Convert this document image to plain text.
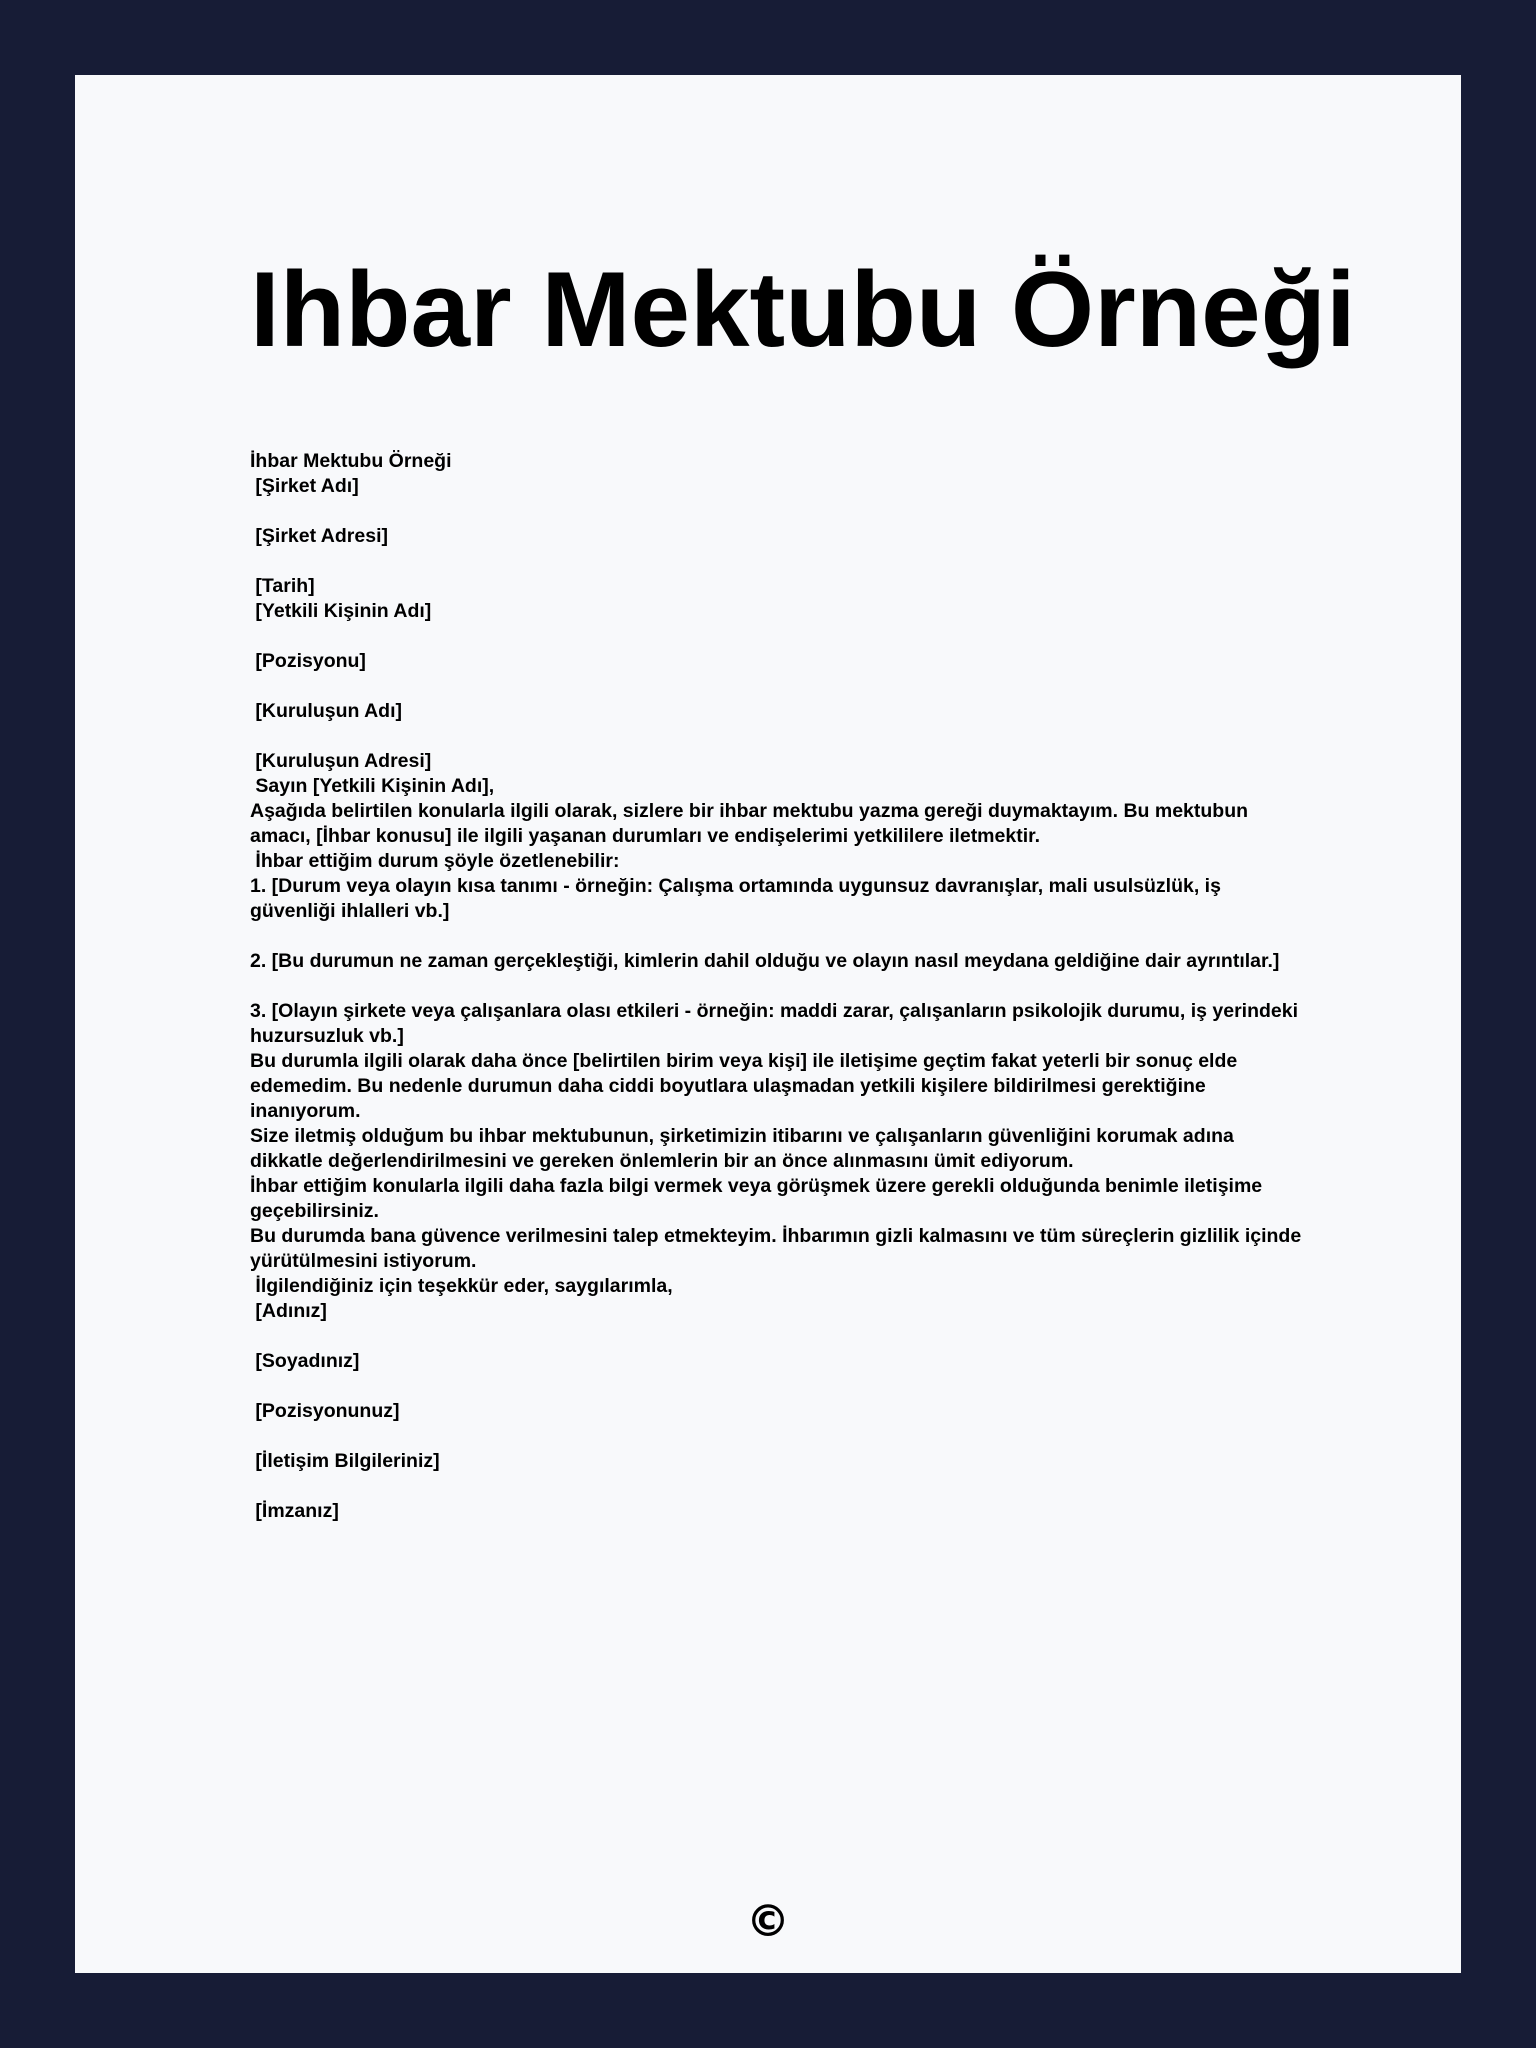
Ihbar Mektubu Örneği
İhbar Mektubu Örneği
[Şirket Adı]
[Şirket Adresi]
[Tarih]
[Yetkili Kişinin Adı]
[Pozisyonu]
[Kuruluşun Adı]
[Kuruluşun Adresi]
Sayın [Yetkili Kişinin Adı],
Aşağıda belirtilen konularla ilgili olarak, sizlere bir ihbar mektubu yazma gereği duymaktayım. Bu mektubun amacı, [İhbar konusu] ile ilgili yaşanan durumları ve endişelerimi yetkililere iletmektir.
İhbar ettiğim durum şöyle özetlenebilir:
1. [Durum veya olayın kısa tanımı - örneğin: Çalışma ortamında uygunsuz davranışlar, mali usulsüzlük, iş güvenliği ihlalleri vb.]
2. [Bu durumun ne zaman gerçekleştiği, kimlerin dahil olduğu ve olayın nasıl meydana geldiğine dair ayrıntılar.]
3. [Olayın şirkete veya çalışanlara olası etkileri - örneğin: maddi zarar, çalışanların psikolojik durumu, iş yerindeki huzursuzluk vb.]
Bu durumla ilgili olarak daha önce [belirtilen birim veya kişi] ile iletişime geçtim fakat yeterli bir sonuç elde edemedim. Bu nedenle durumun daha ciddi boyutlara ulaşmadan yetkili kişilere bildirilmesi gerektiğine inanıyorum.
Size iletmiş olduğum bu ihbar mektubunun, şirketimizin itibarını ve çalışanların güvenliğini korumak adına dikkatle değerlendirilmesini ve gereken önlemlerin bir an önce alınmasını ümit ediyorum.
İhbar ettiğim konularla ilgili daha fazla bilgi vermek veya görüşmek üzere gerekli olduğunda benimle iletişime geçebilirsiniz.
Bu durumda bana güvence verilmesini talep etmekteyim. İhbarımın gizli kalmasını ve tüm süreçlerin gizlilik içinde yürütülmesini istiyorum.
İlgilendiğiniz için teşekkür eder, saygılarımla,
[Adınız]
[Soyadınız]
[Pozisyonunuz]
[İletişim Bilgileriniz]
[İmzanız]
©
